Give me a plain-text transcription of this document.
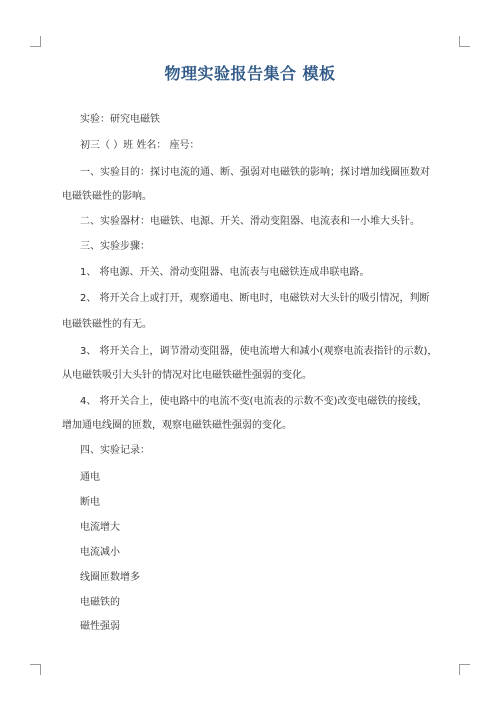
物理实验报告集合 模板
实验：研究电磁铁
初三（ ）班 姓名： 座号：
一、实验目的：探讨电流的通、断、强弱对电磁铁的影响；探讨增加线圈匝数对
电磁铁磁性的影响。
二、实验器材：电磁铁、电源、开关、滑动变阻器、电流表和一小堆大头针。
三、实验步骤：
1、 将电源、开关、滑动变阻器、电流表与电磁铁连成串联电路。
2、 将开关合上或打开，观察通电、断电时，电磁铁对大头针的吸引情况，判断
电磁铁磁性的有无。
3、 将开关合上，调节滑动变阻器，使电流增大和减小(观察电流表指针的示数)，
从电磁铁吸引大头针的情况对比电磁铁磁性强弱的变化。
4、 将开关合上，使电路中的电流不变(电流表的示数不变)改变电磁铁的接线，
增加通电线圈的匝数，观察电磁铁磁性强弱的变化。
四、实验记录：
通电
断电
电流增大
电流减小
线圈匝数增多
电磁铁的
磁性强弱
